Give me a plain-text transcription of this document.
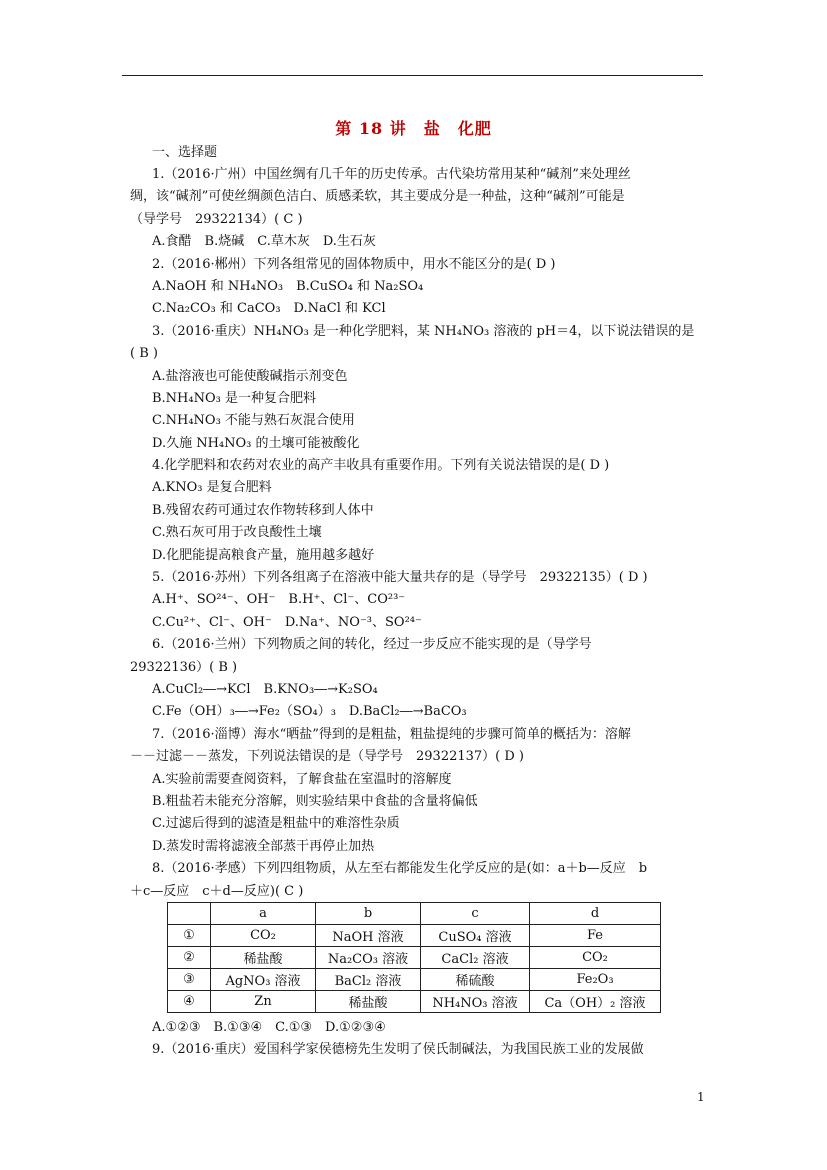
第 18 讲　盐　化肥
一、选择题
1.（2016·广州）中国丝绸有几千年的历史传承。古代染坊常用某种“碱剂”来处理丝
绸，该“碱剂”可使丝绸颜色洁白、质感柔软，其主要成分是一种盐，这种“碱剂”可能是
（导学号　29322134）( C )
A.食醋　B.烧碱　C.草木灰　D.生石灰
2.（2016·郴州）下列各组常见的固体物质中，用水不能区分的是( D )
A.NaOH 和 NH₄NO₃　B.CuSO₄ 和 Na₂SO₄
C.Na₂CO₃ 和 CaCO₃　D.NaCl 和 KCl
3.（2016·重庆）NH₄NO₃ 是一种化学肥料，某 NH₄NO₃ 溶液的 pH＝4，以下说法错误的是
( B )
A.盐溶液也可能使酸碱指示剂变色
B.NH₄NO₃ 是一种复合肥料
C.NH₄NO₃ 不能与熟石灰混合使用
D.久施 NH₄NO₃ 的土壤可能被酸化
4.化学肥料和农药对农业的高产丰收具有重要作用。下列有关说法错误的是( D )
A.KNO₃ 是复合肥料
B.残留农药可通过农作物转移到人体中
C.熟石灰可用于改良酸性土壤
D.化肥能提高粮食产量，施用越多越好
5.（2016·苏州）下列各组离子在溶液中能大量共存的是（导学号　29322135）( D )
A.H⁺、SO²⁴⁻、OH⁻　B.H⁺、Cl⁻、CO²³⁻
C.Cu²⁺、Cl⁻、OH⁻　D.Na⁺、NO⁻³、SO²⁴⁻
6.（2016·兰州）下列物质之间的转化，经过一步反应不能实现的是（导学号
29322136）( B )
A.CuCl₂―→KCl　B.KNO₃―→K₂SO₄
C.Fe（OH）₃―→Fe₂（SO₄）₃　D.BaCl₂―→BaCO₃
7.（2016·淄博）海水“晒盐”得到的是粗盐，粗盐提纯的步骤可简单的概括为：溶解
－－过滤－－蒸发，下列说法错误的是（导学号　29322137）( D )
A.实验前需要查阅资料，了解食盐在室温时的溶解度
B.粗盐若未能充分溶解，则实验结果中食盐的含量将偏低
C.过滤后得到的滤渣是粗盐中的难溶性杂质
D.蒸发时需将滤液全部蒸干再停止加热
8.（2016·孝感）下列四组物质，从左至右都能发生化学反应的是(如：a＋b—反应　b
＋c—反应　c＋d—反应)( C )
	a	b	c	d
①	CO₂	NaOH 溶液	CuSO₄ 溶液	Fe
②	稀盐酸	Na₂CO₃ 溶液	CaCl₂ 溶液	CO₂
③	AgNO₃ 溶液	BaCl₂ 溶液	稀硫酸	Fe₂O₃
④	Zn	稀盐酸	NH₄NO₃ 溶液	Ca（OH）₂ 溶液
A.①②③　B.①③④　C.①③　D.①②③④
9.（2016·重庆）爱国科学家侯德榜先生发明了侯氏制碱法，为我国民族工业的发展做
1
